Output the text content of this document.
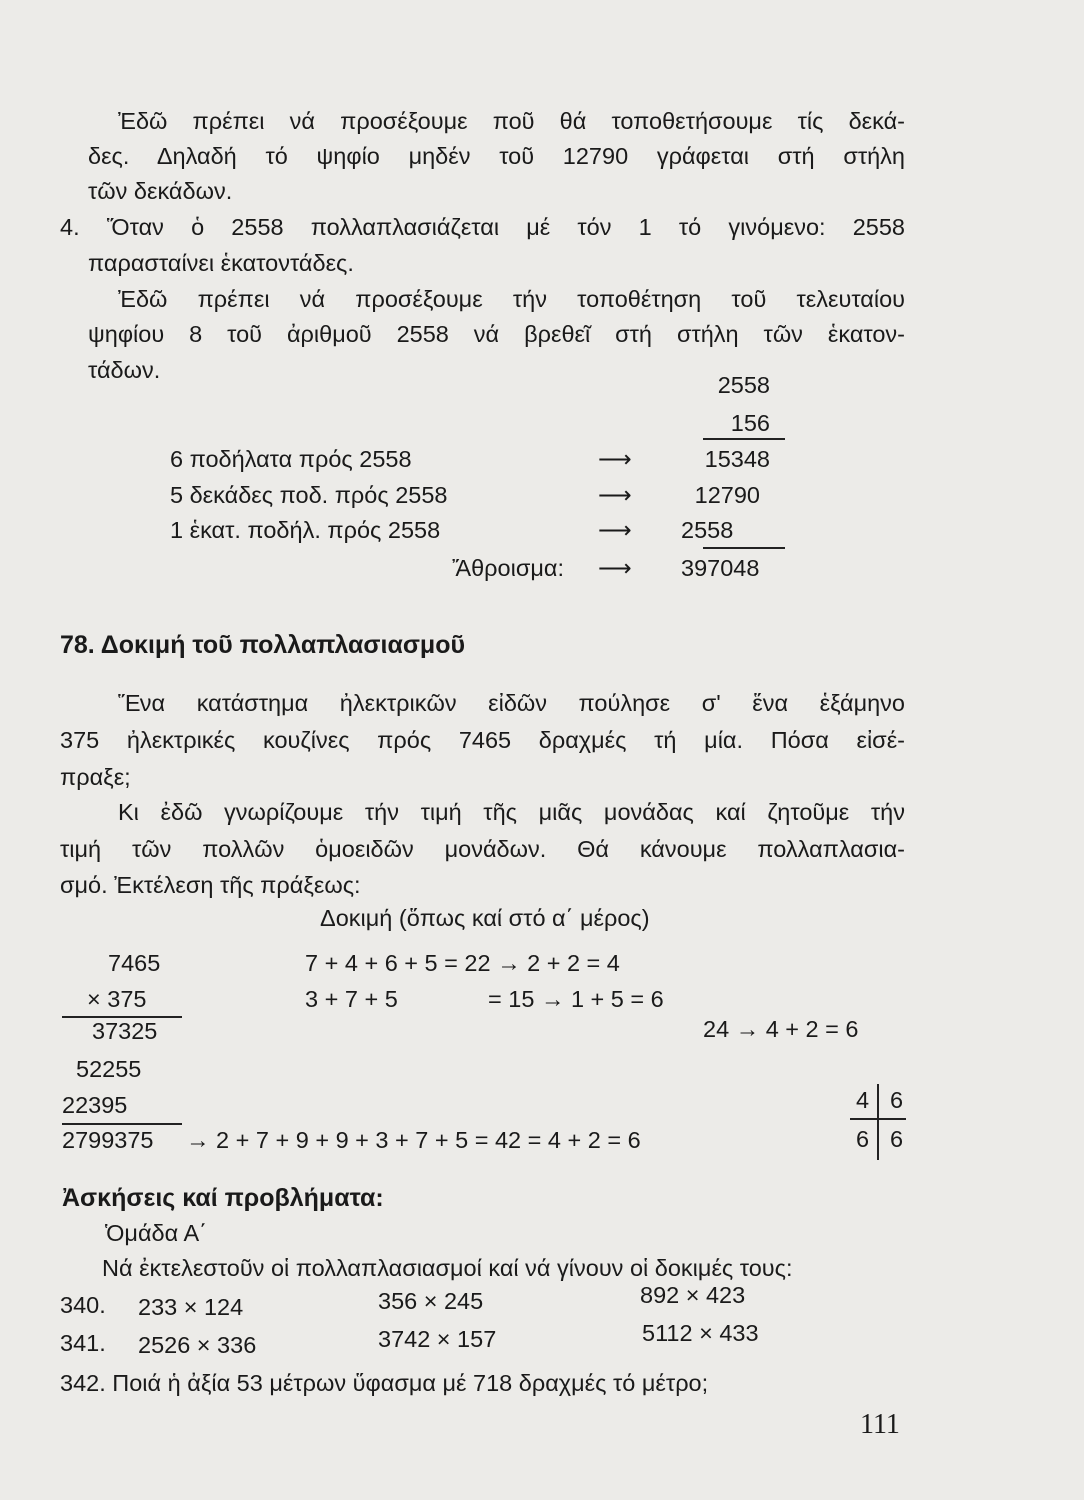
Ἐδῶ πρέπει νά προσέξουμε ποῦ θά τοποθετήσουμε τίς δεκά-
δες. Δηλαδή τό ψηφίο μηδέν τοῦ 12790 γράφεται στή στήλη
τῶν δεκάδων.
4. Ὅταν ὁ 2558 πολλαπλασιάζεται μέ τόν 1 τό γινόμενο: 2558
παρασταίνει ἑκατοντάδες.
Ἐδῶ πρέπει νά προσέξουμε τήν τοποθέτηση τοῦ τελευταίου
ψηφίου 8 τοῦ ἀριθμοῦ 2558 νά βρεθεῖ στή στήλη τῶν ἑκατον-
τάδων.
2558
156
6 ποδήλατα πρός 2558	⟶	15348
5 δεκάδες ποδ. πρός 2558	⟶	12790
1 ἑκατ. ποδήλ. πρός 2558	⟶ 2558
Ἄθροισμα: ⟶ 397048
78. Δοκιμή τοῦ πολλαπλασιασμοῦ
Ἕνα κατάστημα ἠλεκτρικῶν εἰδῶν πούλησε σ' ἕνα ἑξάμηνο
375 ἠλεκτρικές κουζίνες πρός 7465 δραχμές τή μία. Πόσα εἰσέ-
πραξε;
Κι ἐδῶ γνωρίζουμε τήν τιμή τῆς μιᾶς μονάδας καί ζητοῦμε τήν
τιμή τῶν πολλῶν ὁμοειδῶν μονάδων. Θά κάνουμε πολλαπλασια-
σμό. Ἐκτέλεση τῆς πράξεως:
Δοκιμή (ὅπως καί στό α΄ μέρος)
7465
× 375
37325
52255
22395
2799375
7 + 4 + 6 + 5 = 22 → 2 + 2 = 4
3 + 7 + 5	= 15 → 1 + 5 = 6
24 → 4 + 2 = 6
→ 2 + 7 + 9 + 9 + 3 + 7 + 5 = 42 = 4 + 2 = 6
4 6
6 6
Ἀσκήσεις καί προβλήματα:
Ὁμάδα Α΄
Νά ἐκτελεστοῦν οἱ πολλαπλασιασμοί καί νά γίνουν οἱ δοκιμές τους:
340. 233 × 124	356 × 245	892 × 423
341. 2526 × 336	3742 × 157	5112 × 433
342. Ποιά ἡ ἀξία 53 μέτρων ὕφασμα μέ 718 δραχμές τό μέτρο;
111
